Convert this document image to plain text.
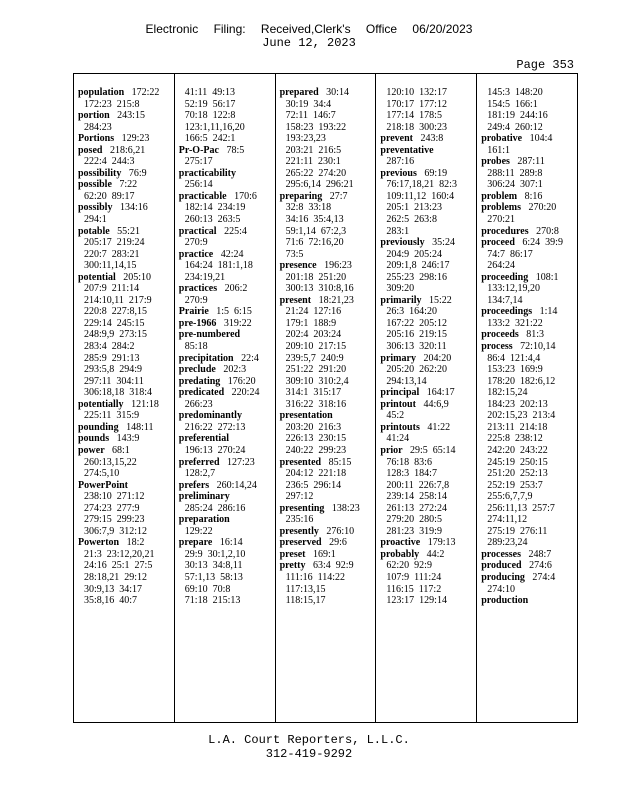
Electronic Filing: Received,Clerk's Office 06/20/2023
June 12, 2023
Page 353
population 172:22
172:23  215:8
portion 243:15
284:23
Portions 129:23
posed 218:6,21
222:4  244:3
possibility 76:9
possible 7:22
62:20  89:17
possibly 134:16
294:1
potable 55:21
205:17  219:24
220:7  283:21
300:11,14,15
potential 205:10
207:9  211:14
214:10,11  217:9
220:8  227:8,15
229:14  245:15
248:9,9  273:15
283:4  284:2
285:9  291:13
293:5,8  294:9
297:11  304:11
306:18,18  318:4
potentially 121:18
225:11  315:9
pounding 148:11
pounds 143:9
power 68:1
260:13,15,22
274:5,10
PowerPoint
238:10  271:12
274:23  277:9
279:15  299:23
306:7,9  312:12
Powerton 18:2
21:3  23:12,20,21
24:16  25:1  27:5
28:18,21  29:12
30:9,13  34:17
35:8,16  40:7
41:11  49:13
52:19  56:17
70:18  122:8
123:1,11,16,20
166:5  242:1
Pr-O-Pac 78:5
275:17
practicability
256:14
practicable 170:6
182:14  234:19
260:13  263:5
practical 225:4
270:9
practice 42:24
164:24  181:1,18
234:19,21
practices 206:2
270:9
Prairie 1:5  6:15
pre-1966 319:22
pre-numbered
85:18
precipitation 22:4
preclude 202:3
predating 176:20
predicated 220:24
266:23
predominantly
216:22  272:13
preferential
196:13  270:24
preferred 127:23
128:2,7
prefers 260:14,24
preliminary
285:24  286:16
preparation
129:22
prepare 16:14
29:9  30:1,2,10
30:13  34:8,11
57:1,13  58:13
69:10  70:8
71:18  215:13
prepared 30:14
30:19  34:4
72:11  146:7
158:23  193:22
193:23,23
203:21  216:5
221:11  230:1
265:22  274:20
295:6,14  296:21
preparing 27:7
32:8  33:18
34:16  35:4,13
59:1,14  67:2,3
71:6  72:16,20
73:5
presence 196:23
201:18  251:20
300:13  310:8,16
present 18:21,23
21:24  127:16
179:1  188:9
202:4  203:24
209:10  217:15
239:5,7  240:9
251:22  291:20
309:10  310:2,4
314:1  315:17
316:22  318:16
presentation
203:20  216:3
226:13  230:15
240:22  299:23
presented 85:15
204:12  221:18
236:5  296:14
297:12
presenting 138:23
235:16
presently 276:10
preserved 29:6
preset 169:1
pretty 63:4  92:9
111:16  114:22
117:13,15
118:15,17
120:10  132:17
170:17  177:12
177:14  178:5
218:18  300:23
prevent 243:8
preventative
287:16
previous 69:19
76:17,18,21  82:3
109:11,12  160:4
205:1  213:23
262:5  263:8
283:1
previously 35:24
204:9  205:24
209:1,8  246:17
255:23  298:16
309:20
primarily 15:22
26:3  164:20
167:22  205:12
205:16  219:15
306:13  320:11
primary 204:20
205:20  262:20
294:13,14
principal 164:17
printout 44:6,9
45:2
printouts 41:22
41:24
prior 29:5  65:14
76:18  83:6
128:3  184:7
200:11  226:7,8
239:14  258:14
261:13  272:24
279:20  280:5
281:23  319:9
proactive 179:13
probably 44:2
62:20  92:9
107:9  111:24
116:15  117:2
123:17  129:14
145:3  148:20
154:5  166:1
181:19  244:16
249:4  260:12
probative 104:4
161:1
probes 287:11
288:11  289:8
306:24  307:1
problem 8:16
problems 270:20
270:21
procedures 270:8
proceed 6:24  39:9
74:7  86:17
264:24
proceeding 108:1
133:12,19,20
134:7,14
proceedings 1:14
133:2  321:22
proceeds 81:3
process 72:10,14
86:4  121:4,4
153:23  169:9
178:20  182:6,12
182:15,24
184:23  202:13
202:15,23  213:4
213:11  214:18
225:8  238:12
242:20  243:22
245:19  250:15
251:20  252:13
252:19  253:7
255:6,7,7,9
256:11,13  257:7
274:11,12
275:19  276:11
289:23,24
processes 248:7
produced 274:6
producing 274:4
274:10
production
L.A. Court Reporters, L.L.C.
312-419-9292
